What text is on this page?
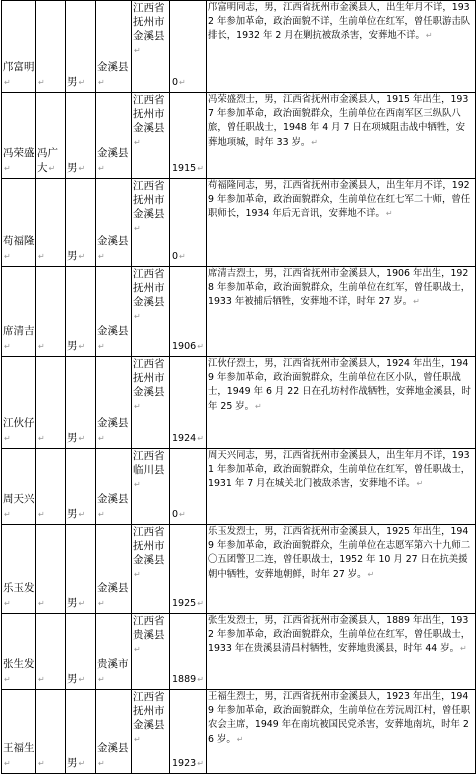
邝富明↵	↵	男↵	金溪县↵	江西省抚州市金溪县↵	0↵	邝富明同志，男，江西省抚州市金溪县人，出生年月不详，1932 年参加革命，政治面貌不详，生前单位在红军，曾任职游击队排长，1932 年 2 月在剿抗被敌杀害，安葬地不详。↵
冯荣盛↵	冯广大↵	男↵	金溪县↵	江西省抚州市金溪县↵	1915↵	冯荣盛烈士，男，江西省抚州市金溪县人，1915 年出生，1937 年参加革命，政治面貌群众，生前单位在西南军区三纵队八旅，曾任职战士，1948 年 4 月 7 日在项城阻击战中牺牲，安葬地项城，时年 33 岁。↵
苟福隆↵	↵	男↵	金溪县↵	江西省抚州市金溪县↵	0↵	苟福隆同志，男，江西省抚州市金溪县人，出生年月不详，1929 年参加革命，政治面貌群众，生前单位在红七军二十师，曾任职师长，1934 年后无音讯，安葬地不详。↵
席清吉↵	↵	男↵	金溪县↵	江西省抚州市金溪县↵	1906↵	席清吉烈士，男，江西省抚州市金溪县人，1906 年出生，1928 年参加革命，政治面貌群众，生前单位在红军，曾任职战士，1933 年被捕后牺牲，安葬地不详，时年 27 岁。↵
江伙仔↵	↵	男↵	金溪县↵	江西省抚州市金溪县↵	1924↵	江伙仔烈士，男，江西省抚州市金溪县人，1924 年出生，1949 年参加革命，政治面貌群众，生前单位在区小队，曾任职战士，1949 年 6 月 22 日在孔坊村作战牺牲，安葬地金溪县，时年 25 岁。↵
周天兴↵	↵	男↵	金溪县↵	江西省临川县↵	0↵	周天兴同志，男，江西省抚州市金溪县人，出生年月不详，1931 年参加革命，政治面貌群众，生前单位在红军，曾任职战士，1931 年 7 月在城关北门被敌杀害，安葬地不详。↵
乐玉发↵	↵	男↵	金溪县↵	江西省抚州市金溪县↵	1925↵	乐玉发烈士，男，江西省抚州市金溪县人，1925 年出生，1949 年参加革命，政治面貌群众，生前单位在志愿军第六十九师二〇五团警卫二连，曾任职战士，1952 年 10 月 27 日在抗美援朝中牺牲，安葬地朝鲜，时年 27 岁。↵
张生发↵	↵	男↵	贵溪市↵	江西省贵溪县↵	1889↵	张生发烈士，男，江西省抚州市金溪县人，1889 年出生，1932 年参加革命，政治面貌群众，生前单位在红军，曾任职战士，1933 年在贵溪县清昌村牺牲，安葬地贵溪县，时年 44 岁。↵
王福生↵	↵	男↵	金溪县↵	江西省抚州市金溪县↵	1923↵	王福生烈士，男，江西省抚州市金溪县人，1923 年出生，1949 年参加革命，政治面貌群众，生前单位在芳沅周江村，曾任职农会主席，1949 年在南坑被国民党杀害，安葬地南坑，时年 26 岁。↵
